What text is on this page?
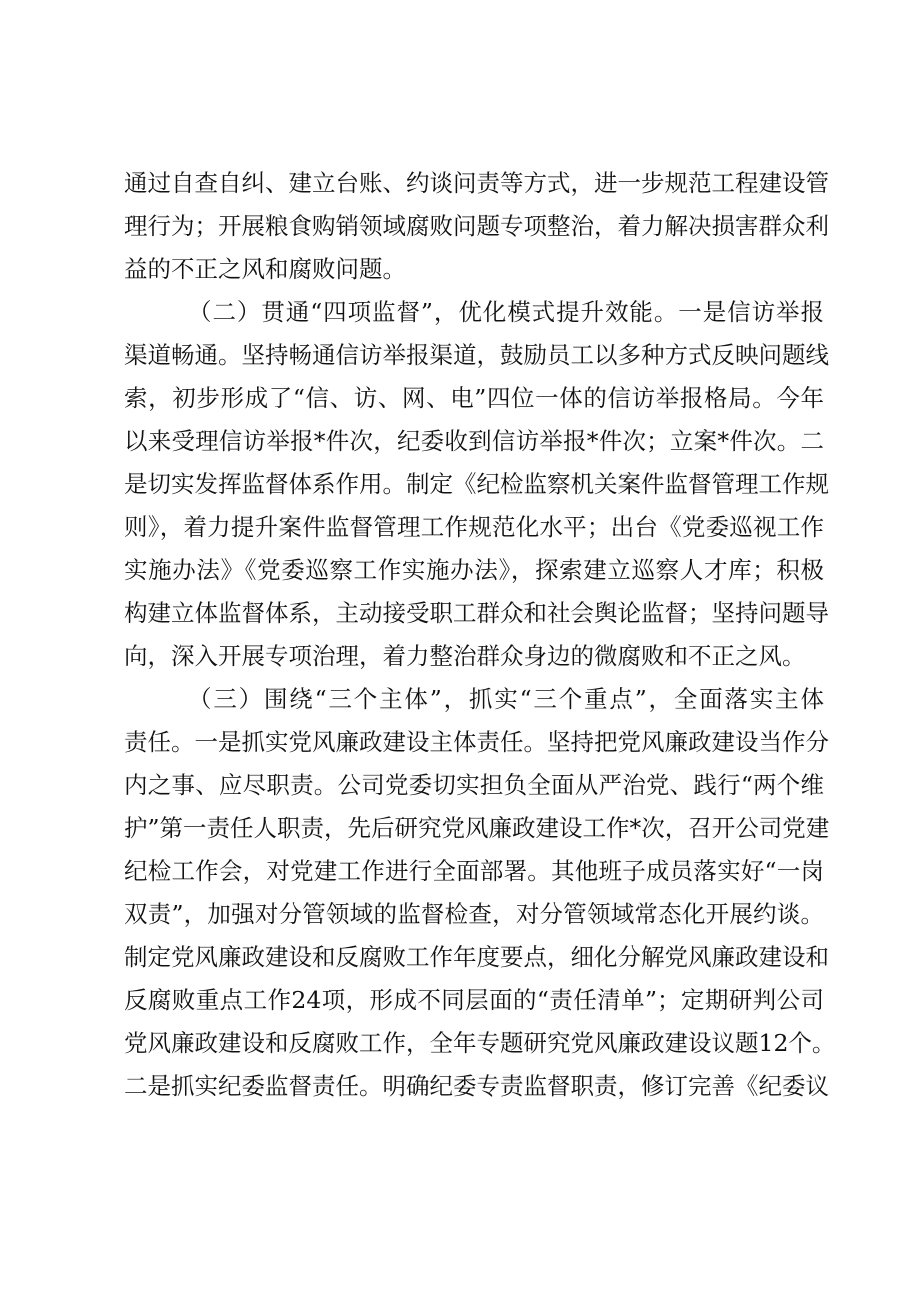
通过自查自纠、建立台账、约谈问责等方式，进一步规范工程建设管
理行为；开展粮食购销领域腐败问题专项整治，着力解决损害群众利
益的不正之风和腐败问题。
（二）贯通“四项监督”，优化模式提升效能。一是信访举报
渠道畅通。坚持畅通信访举报渠道，鼓励员工以多种方式反映问题线
索，初步形成了“信、访、网、电”四位一体的信访举报格局。今年
以来受理信访举报*件次，纪委收到信访举报*件次；立案*件次。二
是切实发挥监督体系作用。制定《纪检监察机关案件监督管理工作规
则》，着力提升案件监督管理工作规范化水平；出台《党委巡视工作
实施办法》《党委巡察工作实施办法》，探索建立巡察人才库；积极
构建立体监督体系，主动接受职工群众和社会舆论监督；坚持问题导
向，深入开展专项治理，着力整治群众身边的微腐败和不正之风。
（三）围绕“三个主体”，抓实“三个重点”，全面落实主体
责任。一是抓实党风廉政建设主体责任。坚持把党风廉政建设当作分
内之事、应尽职责。公司党委切实担负全面从严治党、践行“两个维
护”第一责任人职责，先后研究党风廉政建设工作*次，召开公司党建
纪检工作会，对党建工作进行全面部署。其他班子成员落实好“一岗
双责”，加强对分管领域的监督检查，对分管领域常态化开展约谈。
制定党风廉政建设和反腐败工作年度要点，细化分解党风廉政建设和
反腐败重点工作24项，形成不同层面的“责任清单”；定期研判公司
党风廉政建设和反腐败工作，全年专题研究党风廉政建设议题12个。
二是抓实纪委监督责任。明确纪委专责监督职责，修订完善《纪委议
